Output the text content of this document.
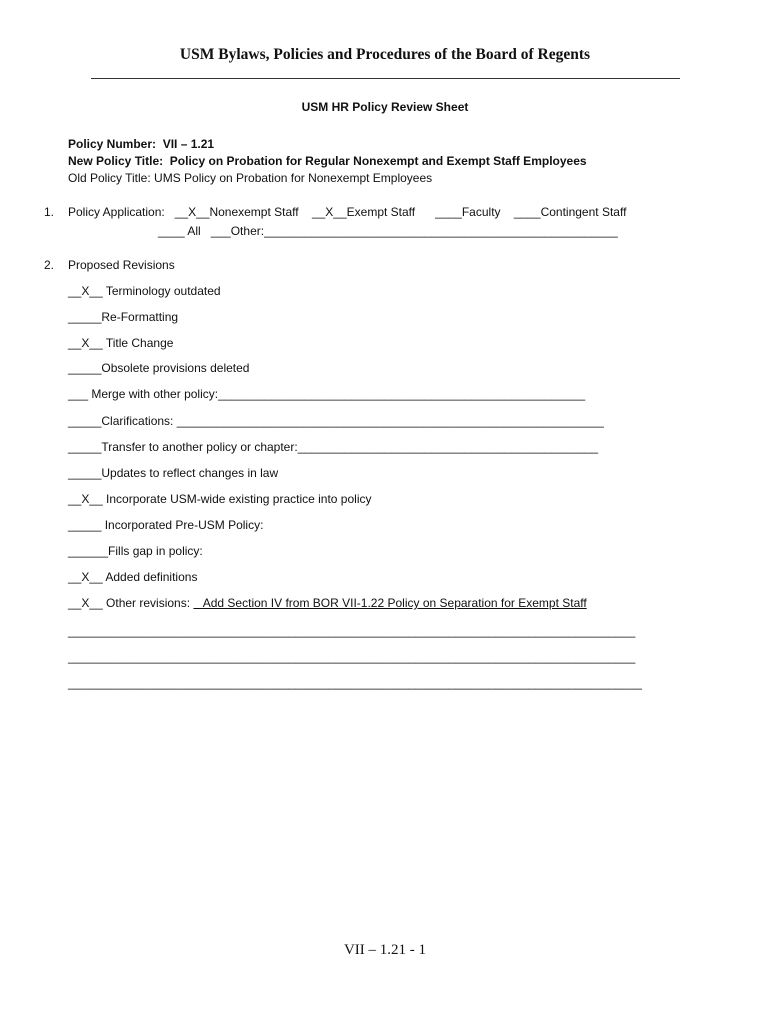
USM Bylaws, Policies and Procedures of the Board of Regents
USM HR Policy Review Sheet
Policy Number:  VII – 1.21
New Policy Title:  Policy on Probation for Regular Nonexempt and Exempt Staff Employees
Old Policy Title: UMS Policy on Probation for Nonexempt Employees
1. Policy Application:   __X__Nonexempt Staff __X__Exempt Staff ____Faculty ____Contingent Staff
____ All   ___Other:_____________________________________________________
2. Proposed Revisions
__X__ Terminology outdated
_____Re-Formatting
__X__ Title Change
_____Obsolete provisions deleted
___ Merge with other policy:_______________________________________________________
_____Clarifications: ________________________________________________________________
_____Transfer to another policy or chapter:_____________________________________________
_____Updates to reflect changes in law
__X__ Incorporate USM-wide existing practice into policy
_____ Incorporated Pre-USM Policy:
______Fills gap in policy:
__X__ Added definitions
__X__ Other revisions:    Add Section IV from BOR VII-1.22 Policy on Separation for Exempt Staff
_____________________________________________________________________________________
_____________________________________________________________________________________
______________________________________________________________________________________
VII – 1.21 - 1
